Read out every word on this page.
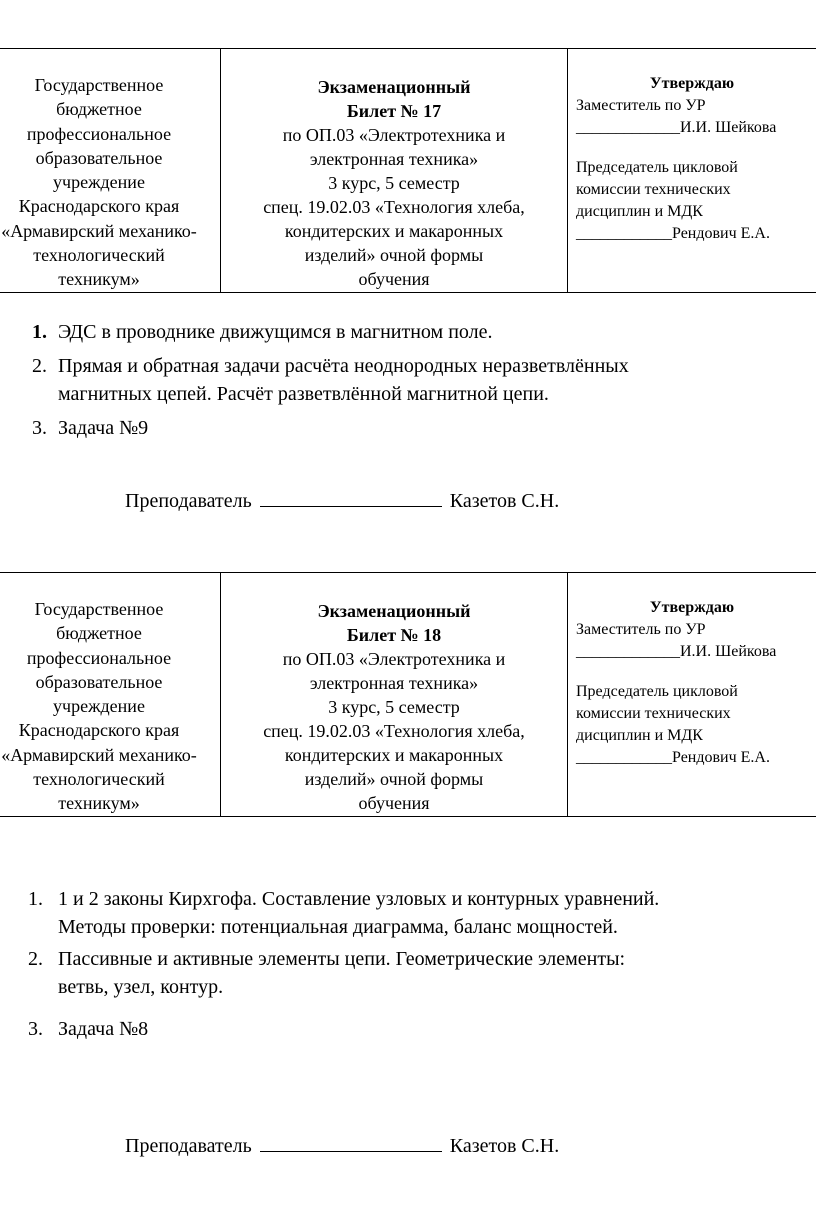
Государственное
бюджетное
профессиональное
образовательное
учреждение
Краснодарского края
«Армавирский механико-
технологический
техникум»

Экзаменационный
Билет № 17
по ОП.03 «Электротехника и
электронная техника»
3 курс, 5 семестр
спец. 19.02.03 «Технология хлеба,
кондитерских и макаронных
изделий» очной формы
обучения

Утверждаю
Заместитель по УР
_____________И.И. Шейкова
Председатель цикловой
комиссии технических
дисциплин и МДК
____________Рендович Е.А.
1. ЭДС в проводнике движущимся в магнитном поле.
2. Прямая и обратная задачи расчёта неоднородных неразветвлённых
магнитных цепей. Расчёт разветвлённой магнитной цепи.
3. Задача №9
Преподаватель	Казетов С.Н.
Государственное
бюджетное
профессиональное
образовательное
учреждение
Краснодарского края
«Армавирский механико-
технологический
техникум»

Экзаменационный
Билет № 18
по ОП.03 «Электротехника и
электронная техника»
3 курс, 5 семестр
спец. 19.02.03 «Технология хлеба,
кондитерских и макаронных
изделий» очной формы
обучения

Утверждаю
Заместитель по УР
_____________И.И. Шейкова
Председатель цикловой
комиссии технических
дисциплин и МДК
____________Рендович Е.А.
1. 1 и 2 законы Кирхгофа. Составление узловых и контурных уравнений.
Методы проверки: потенциальная диаграмма, баланс мощностей.
2. Пассивные и активные элементы цепи. Геометрические элементы:
ветвь, узел, контур.
3. Задача №8
Преподаватель	Казетов С.Н.
